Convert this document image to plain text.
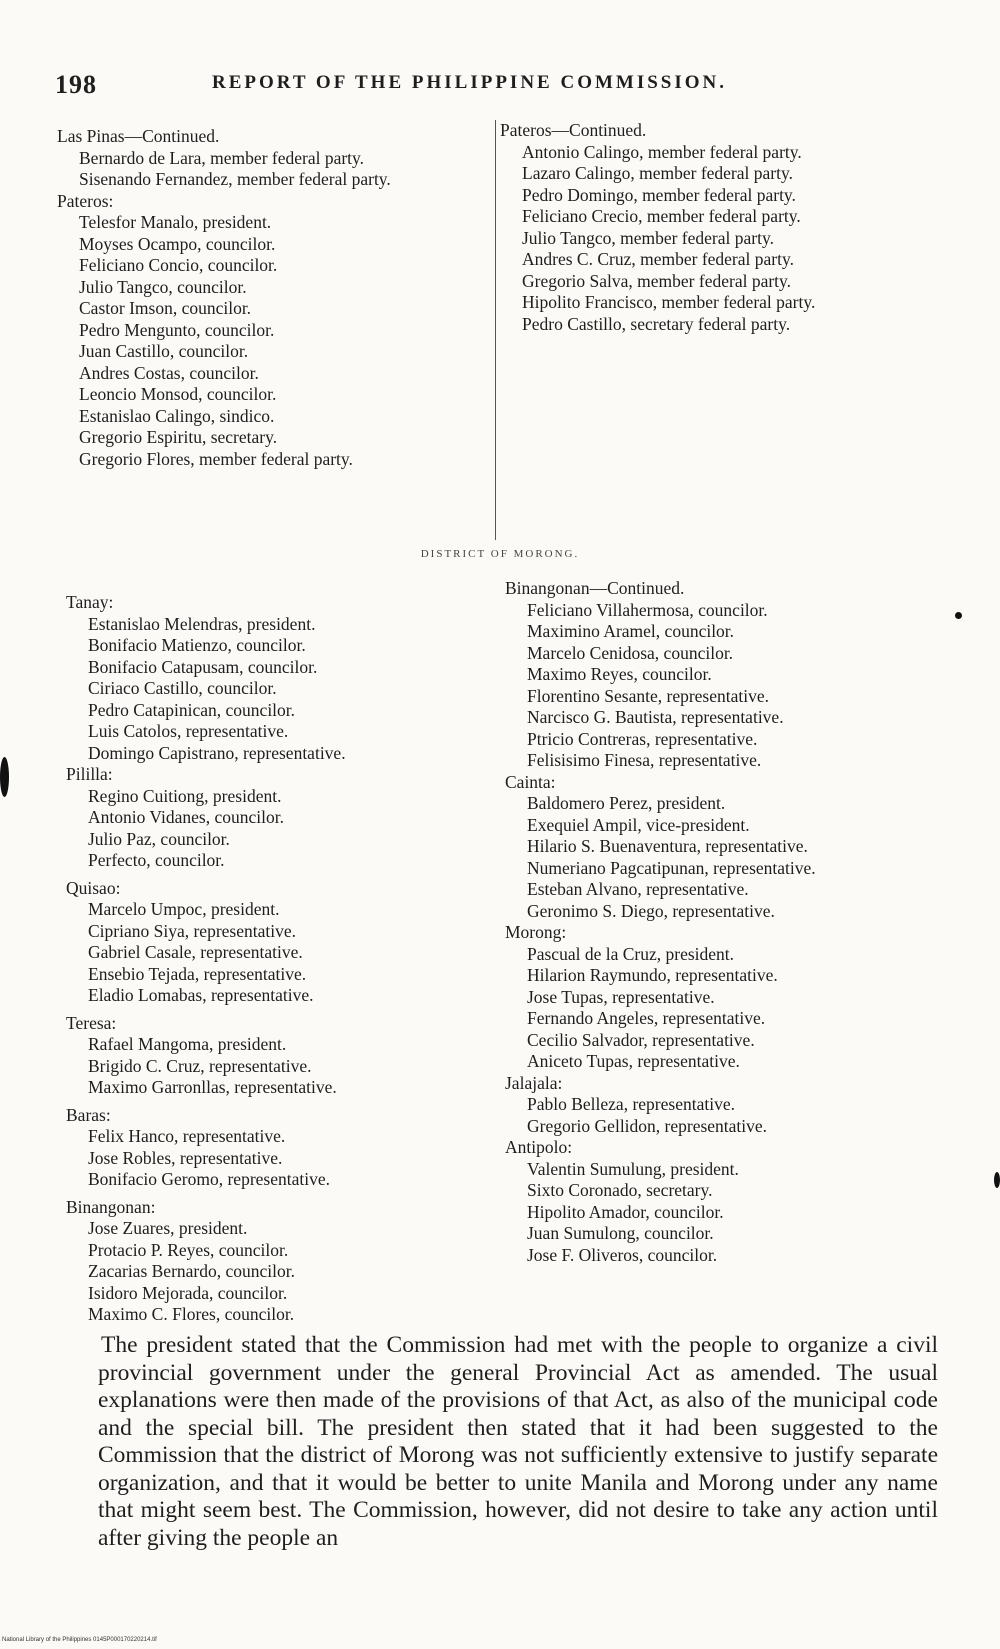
198	REPORT OF THE PHILIPPINE COMMISSION.
Las Pinas—Continued.
Bernardo de Lara, member federal party.
Sisenando Fernandez, member federal party.
Pateros:
Telesfor Manalo, president.
Moyses Ocampo, councilor.
Feliciano Concio, councilor.
Julio Tangco, councilor.
Castor Imson, councilor.
Pedro Mengunto, councilor.
Juan Castillo, councilor.
Andres Costas, councilor.
Leoncio Monsod, councilor.
Estanislao Calingo, sindico.
Gregorio Espiritu, secretary.
Gregorio Flores, member federal party.
Pateros—Continued.
Antonio Calingo, member federal party.
Lazaro Calingo, member federal party.
Pedro Domingo, member federal party.
Feliciano Crecio, member federal party.
Julio Tangco, member federal party.
Andres C. Cruz, member federal party.
Gregorio Salva, member federal party.
Hipolito Francisco, member federal party.
Pedro Castillo, secretary federal party.
DISTRICT OF MORONG.
Tanay:
Estanislao Melendras, president.
Bonifacio Matienzo, councilor.
Bonifacio Catapusam, councilor.
Ciriaco Castillo, councilor.
Pedro Catapinican, councilor.
Luis Catolos, representative.
Domingo Capistrano, representative.
Pililla:
Regino Cuitiong, president.
Antonio Vidanes, councilor.
Julio Paz, councilor.
Perfecto, councilor.
Quisao:
Marcelo Umpoc, president.
Cipriano Siya, representative.
Gabriel Casale, representative.
Ensebio Tejada, representative.
Eladio Lomabas, representative.
Teresa:
Rafael Mangoma, president.
Brigido C. Cruz, representative.
Maximo Garronllas, representative.
Baras:
Felix Hanco, representative.
Jose Robles, representative.
Bonifacio Geromo, representative.
Binangonan:
Jose Zuares, president.
Protacio P. Reyes, councilor.
Zacarias Bernardo, councilor.
Isidoro Mejorada, councilor.
Maximo C. Flores, councilor.
Binangonan—Continued.
Feliciano Villahermosa, councilor.
Maximino Aramel, councilor.
Marcelo Cenidosa, councilor.
Maximo Reyes, councilor.
Florentino Sesante, representative.
Narcisco G. Bautista, representative.
Ptricio Contreras, representative.
Felisisimo Finesa, representative.
Cainta:
Baldomero Perez, president.
Exequiel Ampil, vice-president.
Hilario S. Buenaventura, representative.
Numeriano Pagcatipunan, representative.
Esteban Alvano, representative.
Geronimo S. Diego, representative.
Morong:
Pascual de la Cruz, president.
Hilarion Raymundo, representative.
Jose Tupas, representative.
Fernando Angeles, representative.
Cecilio Salvador, representative.
Aniceto Tupas, representative.
Jalajala:
Pablo Belleza, representative.
Gregorio Gellidon, representative.
Antipolo:
Valentin Sumulung, president.
Sixto Coronado, secretary.
Hipolito Amador, councilor.
Juan Sumulong, councilor.
Jose F. Oliveros, councilor.
The president stated that the Commission had met with the people to organize a civil provincial government under the general Provincial Act as amended. The usual explanations were then made of the provisions of that Act, as also of the municipal code and the special bill. The president then stated that it had been suggested to the Commission that the district of Morong was not sufficiently extensive to justify separate organization, and that it would be better to unite Manila and Morong under any name that might seem best. The Commission, however, did not desire to take any action until after giving the people an
National Library of the Philippines 0145P000170220214.tif
